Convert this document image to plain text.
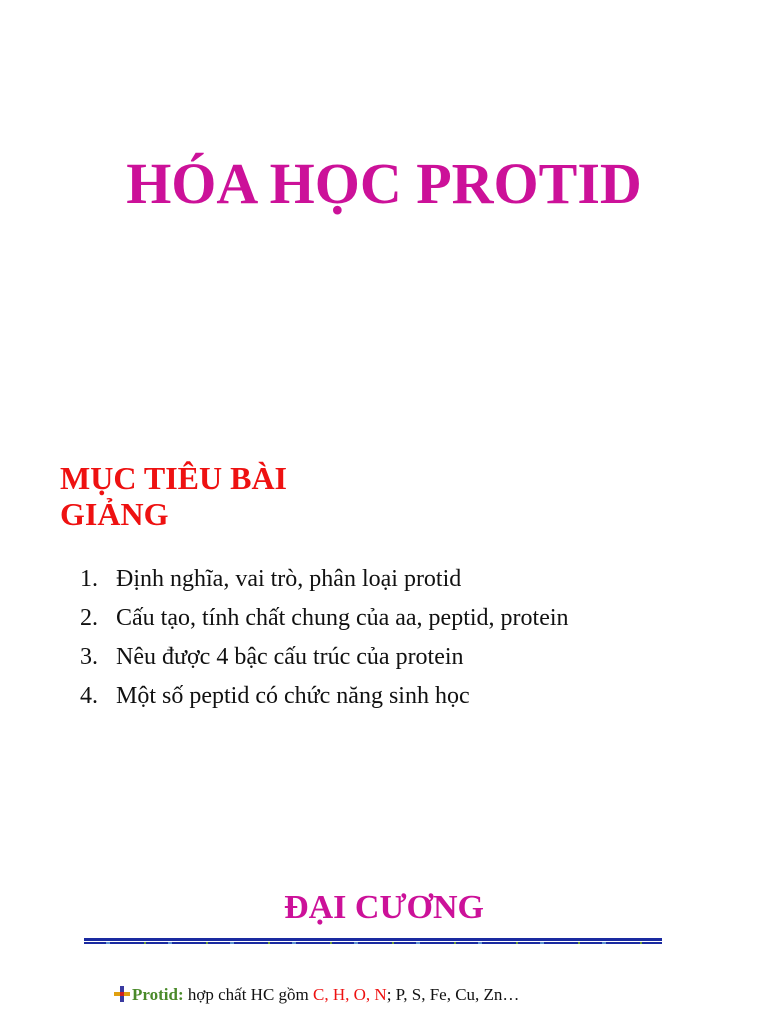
HÓA HỌC PROTID
MỤC TIÊU BÀI
GIẢNG
1. Định nghĩa, vai trò, phân loại protid
2. Cấu tạo, tính chất chung của aa, peptid, protein
3. Nêu được 4 bậc cấu trúc của protein
4. Một số peptid có chức năng sinh học
ĐẠI CƯƠNG
Protid: hợp chất HC gồm C, H, O, N; P, S, Fe, Cu, Zn…
